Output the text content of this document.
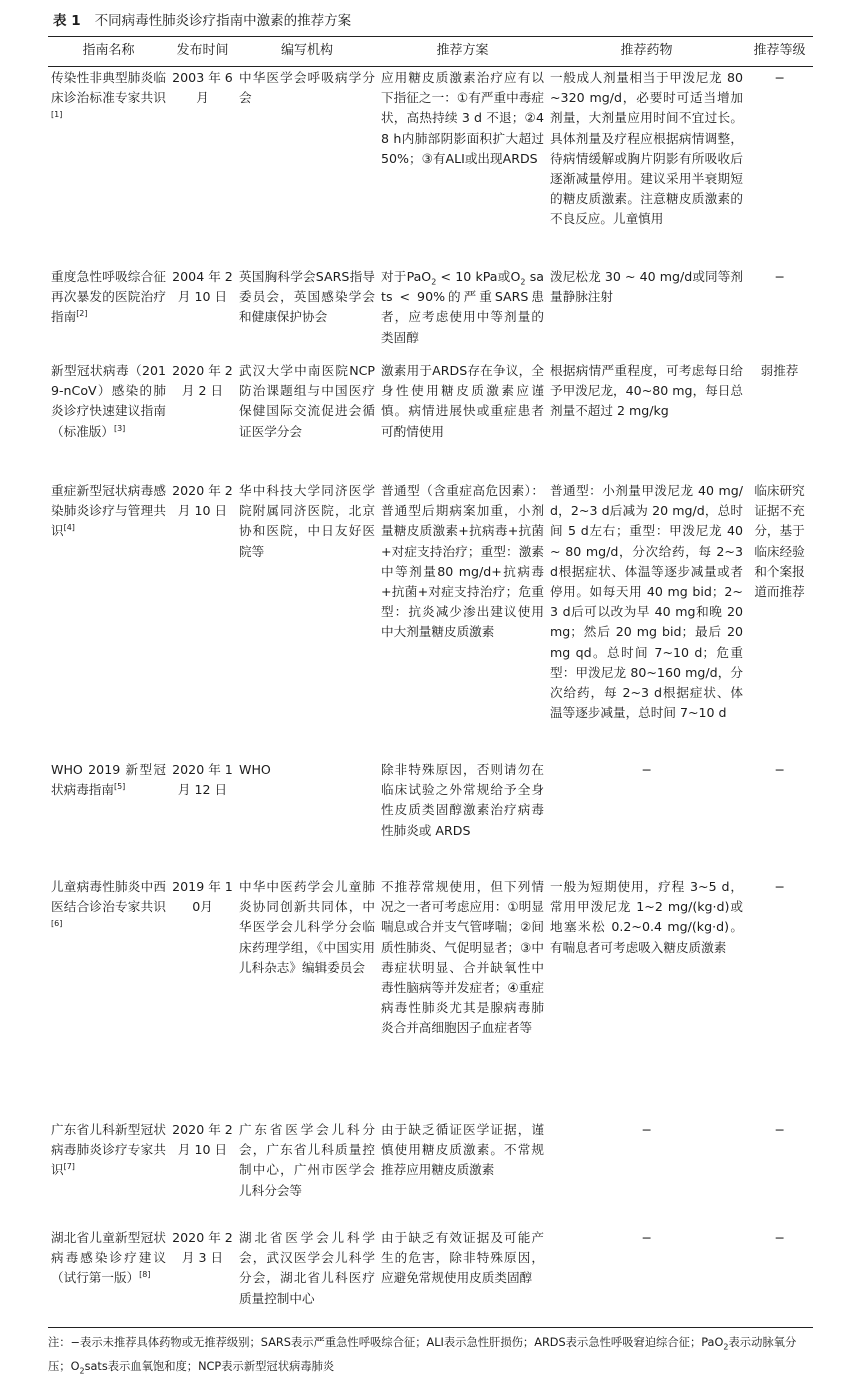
表 1 不同病毒性肺炎诊疗指南中激素的推荐方案
指南名称	发布时间	编写机构	推荐方案	推荐药物	推荐等级
传染性非典型肺炎临床诊治标准专家共识[1]	2003 年 6月	中华医学会呼吸病学分会	应用糖皮质激素治疗应有以下指征之一：①有严重中毒症状，高热持续 3 d 不退；②48 h内肺部阴影面积扩大超过 50%；③有ALI或出现ARDS	一般成人剂量相当于甲泼尼龙 80~320 mg/d，必要时可适当增加剂量，大剂量应用时间不宜过长。具体剂量及疗程应根据病情调整，待病情缓解或胸片阴影有所吸收后逐渐减量停用。建议采用半衰期短的糖皮质激素。注意糖皮质激素的不良反应。儿童慎用	−
重度急性呼吸综合征再次暴发的医院治疗指南[2]	2004 年 2 月 10 日	英国胸科学会SARS指导委员会，英国感染学会和健康保护协会	对于PaO$_2$ < 10 kPa或$O_2$ sats < 90%的严重SARS患者，应考虑使用中等剂量的类固醇	泼尼松龙 30 ~ 40 mg/d或同等剂量静脉注射	−
新型冠状病毒（2019-nCoV）感染的肺炎诊疗快速建议指南（标准版）[3]	2020 年 2 月 2 日	武汉大学中南医院NCP防治课题组与中国医疗保健国际交流促进会循证医学分会	激素用于ARDS存在争议，全身性使用糖皮质激素应谨慎。病情进展快或重症患者可酌情使用	根据病情严重程度，可考虑每日给予甲泼尼龙，40~80 mg，每日总剂量不超过 2 mg/kg	弱推荐
重症新型冠状病毒感染肺炎诊疗与管理共识[4]	2020 年 2 月 10 日	华中科技大学同济医学院附属同济医院，北京协和医院，中日友好医院等	普通型（含重症高危因素）：普通型后期病案加重，小剂量糖皮质激素+抗病毒+抗菌+对症支持治疗；重型：激素中等剂量80 mg/d+抗病毒+抗菌+对症支持治疗；危重型：抗炎减少渗出建议使用中大剂量糖皮质激素	普通型：小剂量甲泼尼龙 40 mg/d，2~3 d后减为 20 mg/d，总时间 5 d左右；重型：甲泼尼龙 40 ~ 80 mg/d，分次给药，每 2~3 d根据症状、体温等逐步减量或者停用。如每天用 40 mg bid；2~3 d后可以改为早 40 mg和晚 20 mg；然后 20 mg bid；最后 20 mg qd。总时间 7~10 d；危重型：甲泼尼龙 80~160 mg/d，分次给药，每 2~3 d根据症状、体温等逐步减量，总时间 7~10 d	临床研究证据不充分，基于临床经验和个案报道而推荐
WHO 2019 新型冠状病毒指南[5]	2020 年 1 月 12 日	WHO	除非特殊原因，否则请勿在临床试验之外常规给予全身性皮质类固醇激素治疗病毒性肺炎或 ARDS	−	−
儿童病毒性肺炎中西医结合诊治专家共识[6]	2019 年 10月	中华中医药学会儿童肺炎协同创新共同体，中华医学会儿科学分会临床药理学组，《中国实用儿科杂志》编辑委员会	不推荐常规使用，但下列情况之一者可考虑应用：①明显喘息或合并支气管哮喘；②间质性肺炎、气促明显者；③中毒症状明显、合并缺氧性中毒性脑病等并发症者；④重症病毒性肺炎尤其是腺病毒肺炎合并高细胞因子血症者等	一般为短期使用，疗程 3~5 d，常用甲泼尼龙 1~2 mg/(kg·d)或地塞米松 0.2~0.4 mg/(kg·d)。有喘息者可考虑吸入糖皮质激素	−
广东省儿科新型冠状病毒肺炎诊疗专家共识[7]	2020 年 2 月 10 日	广东省医学会儿科分会，广东省儿科质量控制中心，广州市医学会儿科分会等	由于缺乏循证医学证据，谨慎使用糖皮质激素。不常规推荐应用糖皮质激素	−	−
湖北省儿童新型冠状病毒感染诊疗建议（试行第一版）[8]	2020 年 2 月 3 日	湖北省医学会儿科学会，武汉医学会儿科学分会，湖北省儿科医疗质量控制中心	由于缺乏有效证据及可能产生的危害，除非特殊原因，应避免常规使用皮质类固醇	−	−
注：−表示未推荐具体药物或无推荐级别；SARS表示严重急性呼吸综合征；ALI表示急性肝损伤；ARDS表示急性呼吸窘迫综合征；PaO$_2$表示动脉氧分压；$O_2sats$表示血氧饱和度；NCP表示新型冠状病毒肺炎
